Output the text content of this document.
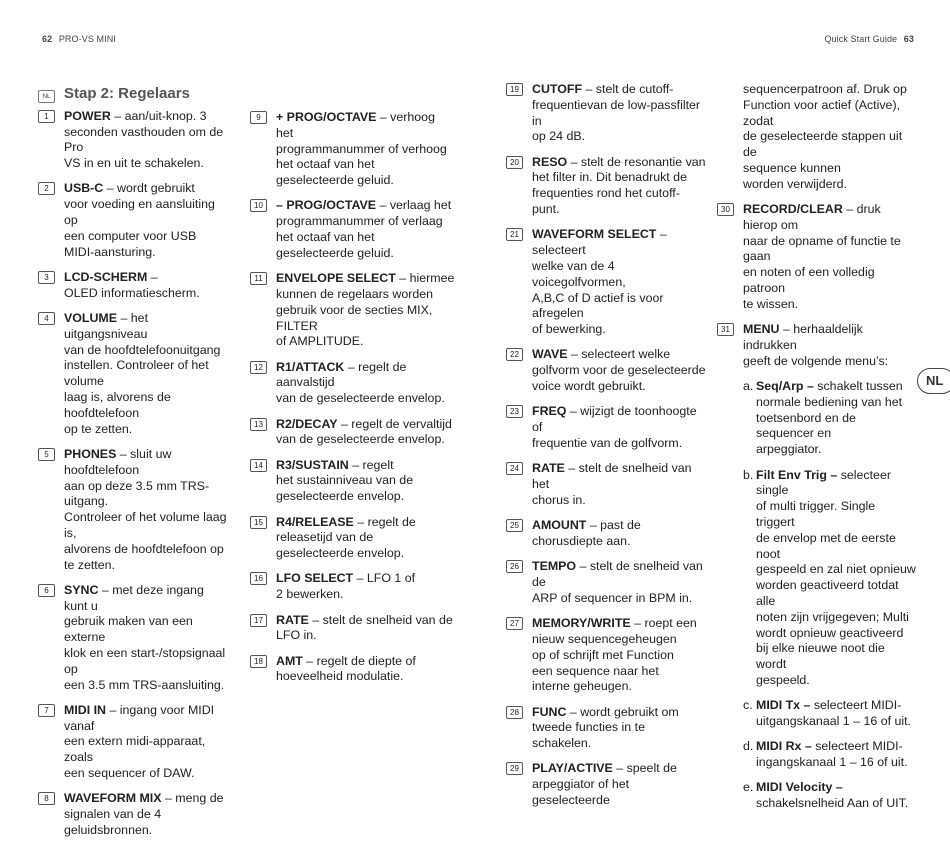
62 PRO-VS MINI	Quick Start Guide 63
NL Stap 2: Regelaars
1	POWER – aan/uit-knop. 3
seconden vasthouden om de Pro
VS in en uit te schakelen.
2	USB-C – wordt gebruikt
voor voeding en aansluiting op
een computer voor USB
MIDI-aansturing.
3	LCD-SCHERM –
OLED informatiescherm.
4	VOLUME – het uitgangsniveau
van de hoofdtelefoonuitgang
instellen. Controleer of het volume
laag is, alvorens de hoofdtelefoon
op te zetten.
5	PHONES – sluit uw hoofdtelefoon
aan op deze 3.5 mm TRS-uitgang.
Controleer of het volume laag is,
alvorens de hoofdtelefoon op
te zetten.
6	SYNC – met deze ingang kunt u
gebruik maken van een externe
klok en een start-/stopsignaal op
een 3.5 mm TRS-aansluiting.
7	MIDI IN – ingang voor MIDI vanaf
een extern midi-apparaat, zoals
een sequencer of DAW.
8	WAVEFORM MIX – meng de
signalen van de 4 geluidsbronnen.
9	+ PROG/OCTAVE – verhoog het
programmanummer of verhoog
het octaaf van het
geselecteerde geluid.
10	– PROG/OCTAVE – verlaag het
programmanummer of verlaag
het octaaf van het
geselecteerde geluid.
11	ENVELOPE SELECT – hiermee
kunnen de regelaars worden
gebruik voor de secties MIX, FILTER
of AMPLITUDE.
12	R1/ATTACK – regelt de aanvalstijd
van de geselecteerde envelop.
13	R2/DECAY – regelt de vervaltijd
van de geselecteerde envelop.
14	R3/SUSTAIN – regelt
het sustainniveau van de
geselecteerde envelop.
15	R4/RELEASE – regelt de
releasetijd van de
geselecteerde envelop.
16	LFO SELECT – LFO 1 of
2 bewerken.
17	RATE – stelt de snelheid van de
LFO in.
18	AMT – regelt de diepte of
hoeveelheid modulatie.
19	CUTOFF – stelt de cutoff-
frequentievan de low-passfilter in
op 24 dB.
20	RESO – stelt de resonantie van
het filter in. Dit benadrukt de
frequenties rond het cutoff-punt.
21	WAVEFORM SELECT – selecteert
welke van de 4 voicegolfvormen,
A,B,C of D actief is voor afregelen
of bewerking.
22	WAVE – selecteert welke
golfvorm voor de geselecteerde
voice wordt gebruikt.
23	FREQ – wijzigt de toonhoogte of
frequentie van de golfvorm.
24	RATE – stelt de snelheid van het
chorus in.
25	AMOUNT – past de
chorusdiepte aan.
26	TEMPO – stelt de snelheid van de
ARP of sequencer in BPM in.
27	MEMORY/WRITE – roept een
nieuw sequencegeheugen
op of schrijft met Function
een sequence naar het
interne geheugen.
28	FUNC – wordt gebruikt om
tweede functies in te schakelen.
29	PLAY/ACTIVE – speelt de
arpeggiator of het geselecteerde
sequencerpatroon af. Druk op
Function voor actief (Active), zodat
de geselecteerde stappen uit de
sequence kunnen
worden verwijderd.
30	RECORD/CLEAR – druk hierop om
naar de opname of functie te gaan
en noten of een volledig patroon
te wissen.
31	MENU – herhaaldelijk indrukken
geeft de volgende menu’s:
a. Seq/Arp – schakelt tussen
normale bediening van het
toetsenbord en de sequencer en
arpeggiator.
b. Filt Env Trig – selecteer single
of multi trigger. Single triggert
de envelop met de eerste noot
gespeeld en zal niet opnieuw
worden geactiveerd totdat alle
noten zijn vrijgegeven; Multi
wordt opnieuw geactiveerd
bij elke nieuwe noot die wordt
gespeeld.
c. MIDI Tx – selecteert MIDI-
uitgangskanaal 1 – 16 of uit.
d. MIDI Rx – selecteert MIDI-
ingangskanaal 1 – 16 of uit.
e. MIDI Velocity –
schakelsnelheid Aan of UIT.
NL
